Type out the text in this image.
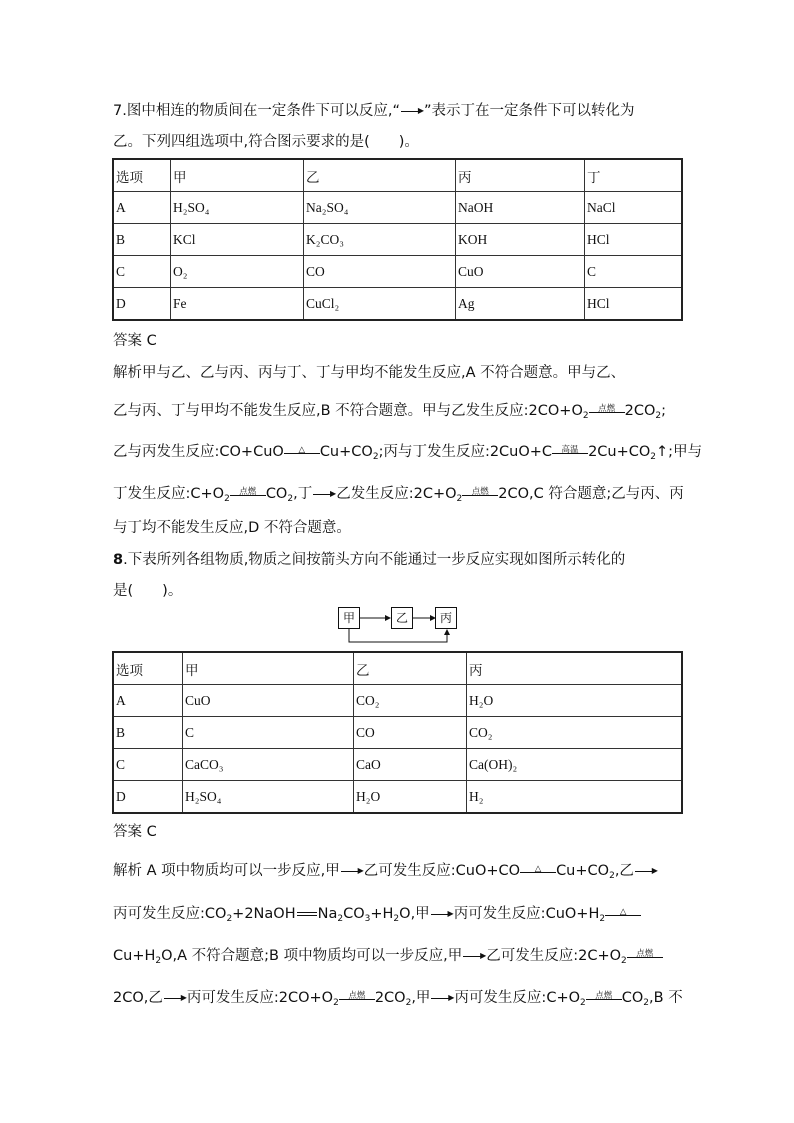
7.图中相连的物质间在一定条件下可以反应,“ ▶ ”表示丁在一定条件下可以转化为
乙。下列四组选项中,符合图示要求的是(　　)。
选项	甲	乙	丙	丁
A	H₂SO₄	Na₂SO₄	NaOH	NaCl
B	KCl	K₂CO₃	KOH	HCl
C	O₂	CO	CuO	C
D	Fe	CuCl₂	Ag	HCl
答案 C
解析甲与乙、乙与丙、丙与丁、丁与甲均不能发生反应,A 不符合题意。甲与乙、
乙与丙、丁与甲均不能发生反应,B 不符合题意。甲与乙发生反应$:2CO+O_2$
点燃 $2CO_2$;
乙与丙发生反应:CO+CuO	△	$Cu+CO_2$;丙与丁发生反应:2CuO+C	高温 $2Cu+CO_2↑$;甲与
丁发生反应$:C+O_2$
点燃 $CO_2$,丁 ▶ 乙发生反应$:2C+O_2$
点燃 2CO,C 符合题意;乙与丙、丙
与丁均不能发生反应,D 不符合题意。
8.下表所列各组物质,物质之间按箭头方向不能通过一步反应实现如图所示转化的
是(　　)。
甲	乙	丙
选项	甲	乙	丙
A	CuO	CO₂	H₂O
B	C	CO	CO₂
C	CaCO₃	CaO	Ca(OH)₂
D	H₂SO₄	H₂O	H₂
答案 C
解析 A 项中物质均可以一步反应,甲 ▶ 乙可发生反应:CuO+CO	△	$Cu+CO_2$,乙 ▶
丙可发生反应$:CO_2+2NaOH$ $Na_2CO_3+H_2O$,甲 ▶ 丙可发生反应$:CuO+H_2$
△
$Cu+H_2O,A$ 不符合题意;B 项中物质均可以一步反应,甲 ▶ 乙可发生反应$:2C+O_2$
点燃
2CO,乙 ▶ 丙可发生反应$:2CO+O_2$
点燃 $2CO_2$,甲 ▶ 丙可发生反应$:C+O_2$
点燃 $CO_2,B$ 不
